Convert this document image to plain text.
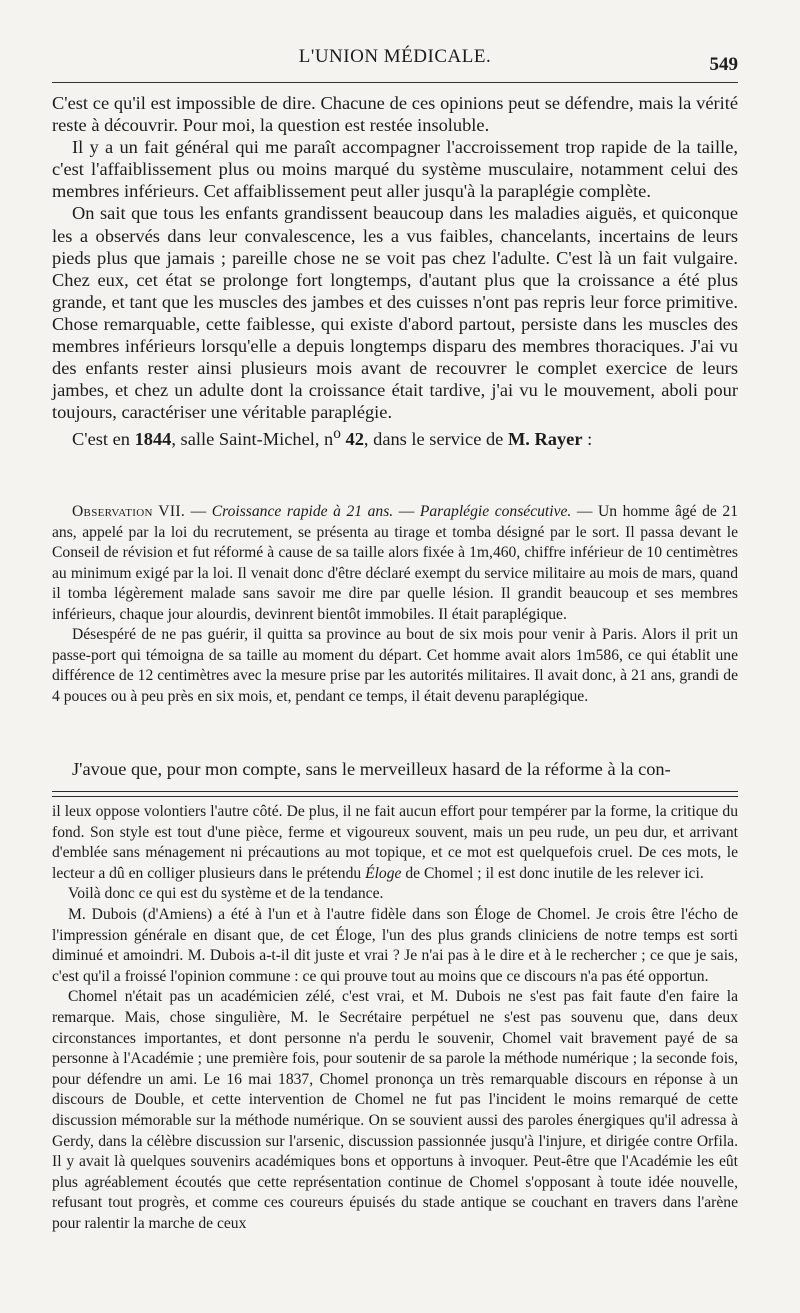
L'UNION MÉDICALE.	549

C'est ce qu'il est impossible de dire. Chacune de ces opinions peut se défendre, mais la vérité reste à découvrir. Pour moi, la question est restée insoluble.

Il y a un fait général qui me paraît accompagner l'accroissement trop rapide de la taille, c'est l'affaiblissement plus ou moins marqué du système musculaire, notamment celui des membres inférieurs. Cet affaiblissement peut aller jusqu'à la paraplégie complète.

On sait que tous les enfants grandissent beaucoup dans les maladies aiguës, et quiconque les a observés dans leur convalescence, les a vus faibles, chancelants, incertains de leurs pieds plus que jamais ; pareille chose ne se voit pas chez l'adulte. C'est là un fait vulgaire. Chez eux, cet état se prolonge fort longtemps, d'autant plus que la croissance a été plus grande, et tant que les muscles des jambes et des cuisses n'ont pas repris leur force primitive. Chose remarquable, cette faiblesse, qui existe d'abord partout, persiste dans les muscles des membres inférieurs lorsqu'elle a depuis longtemps disparu des membres thoraciques. J'ai vu des enfants rester ainsi plusieurs mois avant de recouvrer le complet exercice de leurs jambes, et chez un adulte dont la croissance était tardive, j'ai vu le mouvement, aboli pour toujours, caractériser une véritable paraplégie.

C'est en 1844, salle Saint-Michel, $n^o$ 42, dans le service de M. Rayer :

Observation VII. — Croissance rapide à 21 ans. — Paraplégie consécutive. — Un homme âgé de 21 ans, appelé par la loi du recrutement, se présenta au tirage et tomba désigné par le sort. Il passa devant le Conseil de révision et fut réformé à cause de sa taille alors fixée à 1m,460, chiffre inférieur de 10 centimètres au minimum exigé par la loi. Il venait donc d'être déclaré exempt du service militaire au mois de mars, quand il tomba légèrement malade sans savoir me dire par quelle lésion. Il grandit beaucoup et ses membres inférieurs, chaque jour alourdis, devinrent bientôt immobiles. Il était paraplégique.

Désespéré de ne pas guérir, il quitta sa province au bout de six mois pour venir à Paris. Alors il prit un passe-port qui témoigna de sa taille au moment du départ. Cet homme avait alors 1m586, ce qui établit une différence de 12 centimètres avec la mesure prise par les autorités militaires. Il avait donc, à 21 ans, grandi de 4 pouces ou à peu près en six mois, et, pendant ce temps, il était devenu paraplégique.

J'avoue que, pour mon compte, sans le merveilleux hasard de la réforme à la con-

il leux oppose volontiers l'autre côté. De plus, il ne fait aucun effort pour tempérer par la forme, la critique du fond. Son style est tout d'une pièce, ferme et vigoureux souvent, mais un peu rude, un peu dur, et arrivant d'emblée sans ménagement ni précautions au mot topique, et ce mot est quelquefois cruel. De ces mots, le lecteur a dû en colliger plusieurs dans le prétendu Éloge de Chomel ; il est donc inutile de les relever ici.

Voilà donc ce qui est du système et de la tendance.

M. Dubois (d'Amiens) a été à l'un et à l'autre fidèle dans son Éloge de Chomel. Je crois être l'écho de l'impression générale en disant que, de cet Éloge, l'un des plus grands cliniciens de notre temps est sorti diminué et amoindri. M. Dubois a-t-il dit juste et vrai ? Je n'ai pas à le dire et à le rechercher ; ce que je sais, c'est qu'il a froissé l'opinion commune : ce qui prouve tout au moins que ce discours n'a pas été opportun.

Chomel n'était pas un académicien zélé, c'est vrai, et M. Dubois ne s'est pas fait faute d'en faire la remarque. Mais, chose singulière, M. le Secrétaire perpétuel ne s'est pas souvenu que, dans deux circonstances importantes, et dont personne n'a perdu le souvenir, Chomel vait bravement payé de sa personne à l'Académie ; une première fois, pour soutenir de sa parole la méthode numérique ; la seconde fois, pour défendre un ami. Le 16 mai 1837, Chomel prononça un très remarquable discours en réponse à un discours de Double, et cette intervention de Chomel ne fut pas l'incident le moins remarqué de cette discussion mémorable sur la méthode numérique. On se souvient aussi des paroles énergiques qu'il adressa à Gerdy, dans la célèbre discussion sur l'arsenic, discussion passionnée jusqu'à l'injure, et dirigée contre Orfila. Il y avait là quelques souvenirs académiques bons et opportuns à invoquer. Peut-être que l'Académie les eût plus agréablement écoutés que cette représentation continue de Chomel s'opposant à toute idée nouvelle, refusant tout progrès, et comme ces coureurs épuisés du stade antique se couchant en travers dans l'arène pour ralentir la marche de ceux
